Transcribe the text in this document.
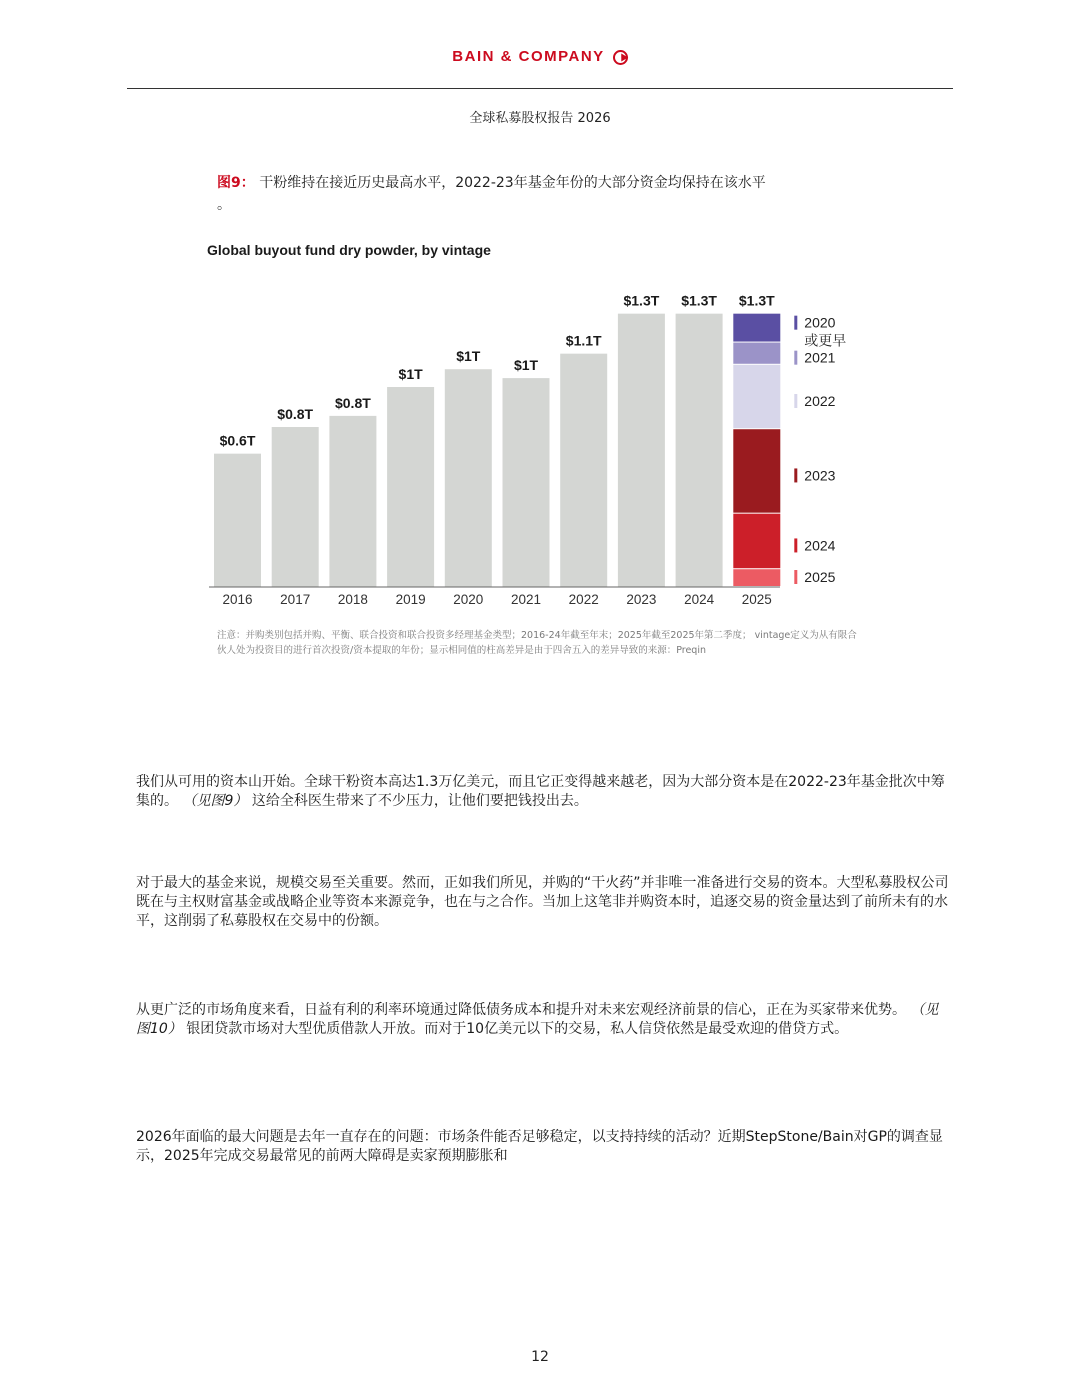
BAIN & COMPANY
全球私募股权报告 2026
图9： 干粉维持在接近历史最高水平，2022-23年基金年份的大部分资金均保持在该水平
。
Global buyout fund dry powder, by vintage
$0.6T
2016
$0.8T
2017
$0.8T
2018
$1T
2019
$1T
2020
$1T
2021
$1.1T
2022
$1.3T
2023
$1.3T
2024
$1.3T
2025
2025
2024
2023
2022
2021
2020 或更早
注意：并购类别包括并购、平衡、联合投资和联合投资多经理基金类型；2016-24年截至年末；2025年截至2025年第二季度； vintage定义为从有限合伙人处为投资目的进行首次投资/资本提取的年份；显示相同值的柱高差异是由于四舍五入的差异导致的来源：Preqin
我们从可用的资本山开始。全球干粉资本高达1.3万亿美元，而且它正变得越来越老，因为大部分资本是在2022-23年基金批次中筹集的。 （见图9） 这给全科医生带来了不少压力，让他们要把钱投出去。
对于最大的基金来说，规模交易至关重要。然而，正如我们所见，并购的“干火药”并非唯一准备进行交易的资本。大型私募股权公司既在与主权财富基金或战略企业等资本来源竞争，也在与之合作。当加上这笔非并购资本时，追逐交易的资金量达到了前所未有的水平，这削弱了私募股权在交易中的份额。
从更广泛的市场角度来看，日益有利的利率环境通过降低债务成本和提升对未来宏观经济前景的信心，正在为买家带来优势。 （见图10） 银团贷款市场对大型优质借款人开放。而对于10亿美元以下的交易，私人信贷依然是最受欢迎的借贷方式。
2026年面临的最大问题是去年一直存在的问题：市场条件能否足够稳定，以支持持续的活动？近期StepStone/Bain对GP的调查显示，2025年完成交易最常见的前两大障碍是卖家预期膨胀和
12
